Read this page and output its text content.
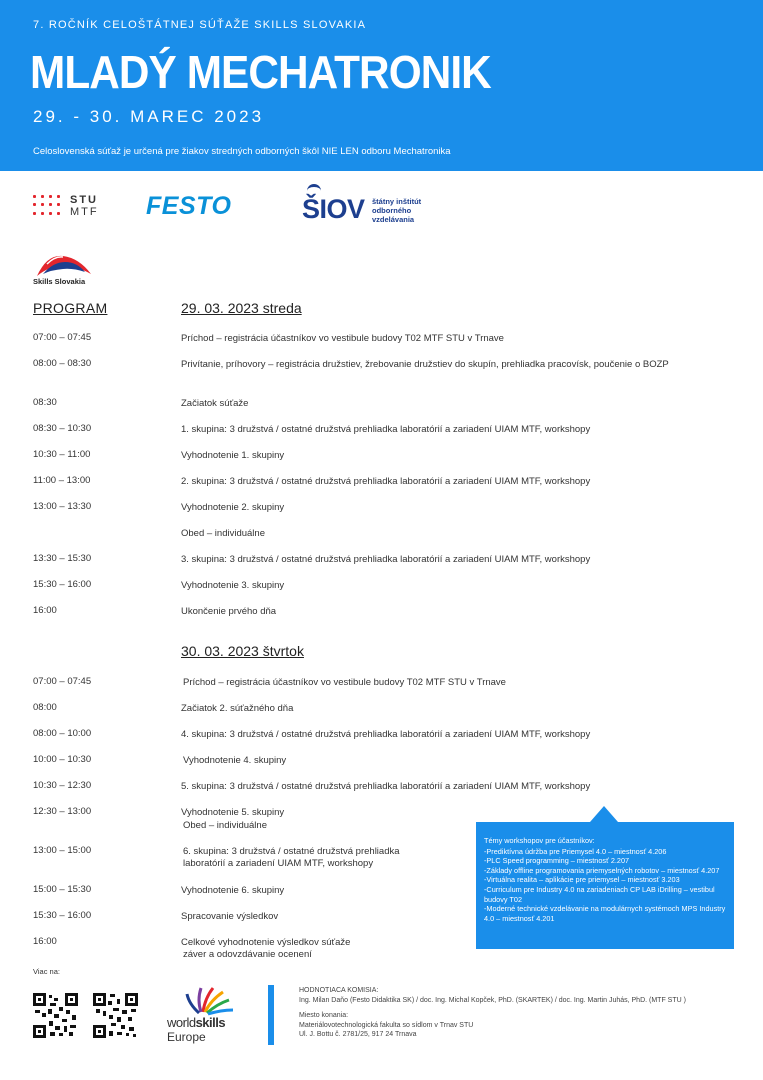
7. ROČNÍK CELOŠTÁTNEJ SÚŤAŽE SKILLS SLOVAKIA
MLADÝ MECHATRONIK
29. - 30. MAREC 2023
Celoslovenská súťaž je určená pre žiakov stredných odborných škôl NIE LEN odboru Mechatronika
STU
MTF FESTO	ŠIOV štátny inštitút
odborného
vzdelávania
Skills Slovakia
PROGRAM	29. 03. 2023 streda
07:00 – 07:45	Príchod – registrácia účastníkov vo vestibule budovy T02 MTF STU v Trnave
08:00 – 08:30	Privítanie, príhovory – registrácia družstiev, žrebovanie družstiev do skupín, prehliadka pracovísk, poučenie o BOZP
08:30	Začiatok súťaže
08:30 – 10:30	1. skupina: 3 družstvá / ostatné družstvá prehliadka laboratórií a zariadení UIAM MTF, workshopy
10:30 – 11:00	Vyhodnotenie 1. skupiny
11:00 – 13:00	2. skupina: 3 družstvá / ostatné družstvá prehliadka laboratórií a zariadení UIAM MTF, workshopy
13:00 – 13:30	Vyhodnotenie 2. skupiny
Obed – individuálne
13:30 – 15:30	3. skupina: 3 družstvá / ostatné družstvá prehliadka laboratórií a zariadení UIAM MTF, workshopy
15:30 – 16:00	Vyhodnotenie 3. skupiny
16:00	Ukončenie prvého dňa
30. 03. 2023 štvrtok
07:00 – 07:45	Príchod – registrácia účastníkov vo vestibule budovy T02 MTF STU v Trnave
08:00	Začiatok 2. súťažného dňa
08:00 – 10:00	4. skupina: 3 družstvá / ostatné družstvá prehliadka laboratórií a zariadení UIAM MTF, workshopy
10:00 – 10:30	Vyhodnotenie 4. skupiny
10:30 – 12:30	5. skupina: 3 družstvá / ostatné družstvá prehliadka laboratórií a zariadení UIAM MTF, workshopy
12:30 – 13:00	Vyhodnotenie 5. skupiny
Obed – individuálne
13:00 – 15:00	6. skupina: 3 družstvá / ostatné družstvá prehliadka
laboratórií a zariadení UIAM MTF, workshopy
15:00 – 15:30	Vyhodnotenie 6. skupiny
15:30 – 16:00	Spracovanie výsledkov
16:00	Celkové vyhodnotenie výsledkov súťaže
záver a odovzdávanie ocenení
Témy workshopov pre účastníkov:
-Prediktívna údržba pre Priemysel 4.0 – miestnosť 4.206
-PLC Speed programming – miestnosť 2.207
-Základy offline programovania priemyselných robotov – miestnosť 4.207
-Virtuálna realita – aplikácie pre priemysel – miestnosť 3.203
-Curriculum pre Industry 4.0 na zariadeniach CP LAB iDrilling – vestibul budovy T02
-Moderné technické vzdelávanie na modulárnych systémoch MPS Industry 4.0 – miestnosť 4.201
Viac na:
worldskills
Europe
HODNOTIACA KOMISIA:
Ing. Milan Daňo (Festo Didaktika SK) / doc. Ing. Michal Kopček, PhD. (SKARTEK) / doc. Ing. Martin Juhás, PhD. (MTF STU )
Miesto konania:
Materiálovotechnologická fakulta so sídlom v Trnav STU
Ul. J. Bottu č. 2781/25, 917 24 Trnava
